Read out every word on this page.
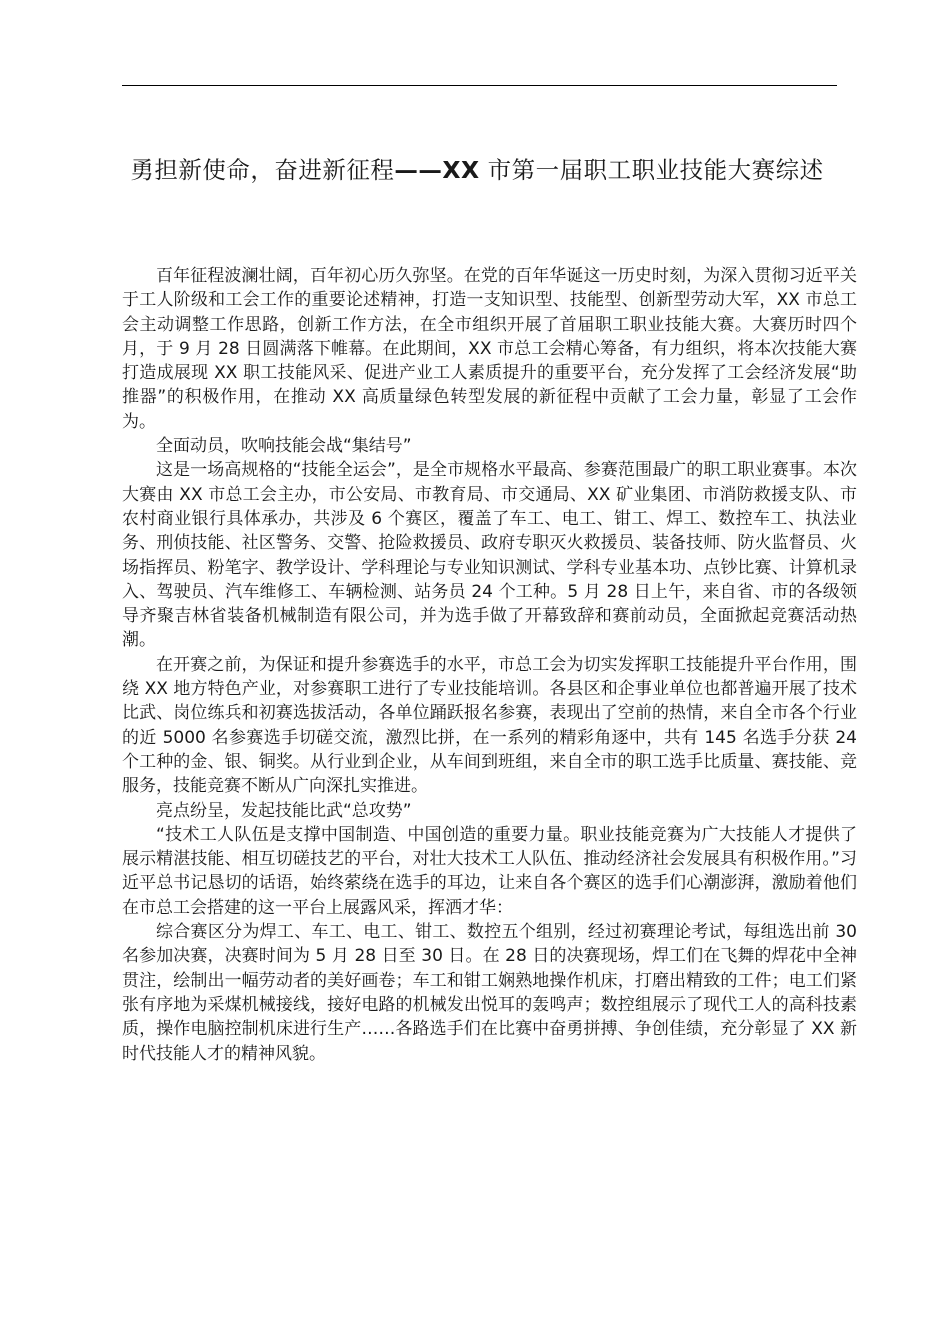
勇担新使命，奋进新征程——XX 市第一届职工职业技能大赛综述

百年征程波澜壮阔，百年初心历久弥坚。在党的百年华诞这一历史时刻，为深入贯彻习近平关于工人阶级和工会工作的重要论述精神，打造一支知识型、技能型、创新型劳动大军，XX 市总工会主动调整工作思路，创新工作方法，在全市组织开展了首届职工职业技能大赛。大赛历时四个月，于 9 月 28 日圆满落下帷幕。在此期间，XX 市总工会精心筹备，有力组织，将本次技能大赛打造成展现 XX 职工技能风采、促进产业工人素质提升的重要平台，充分发挥了工会经济发展“助推器”的积极作用，在推动 XX 高质量绿色转型发展的新征程中贡献了工会力量，彰显了工会作为。

全面动员，吹响技能会战“集结号”

这是一场高规格的“技能全运会”，是全市规格水平最高、参赛范围最广的职工职业赛事。本次大赛由 XX 市总工会主办，市公安局、市教育局、市交通局、XX 矿业集团、市消防救援支队、市农村商业银行具体承办，共涉及 6 个赛区，覆盖了车工、电工、钳工、焊工、数控车工、执法业务、刑侦技能、社区警务、交警、抢险救援员、政府专职灭火救援员、装备技师、防火监督员、火场指挥员、粉笔字、教学设计、学科理论与专业知识测试、学科专业基本功、点钞比赛、计算机录入、驾驶员、汽车维修工、车辆检测、站务员 24 个工种。5 月 28 日上午，来自省、市的各级领导齐聚吉林省装备机械制造有限公司，并为选手做了开幕致辞和赛前动员，全面掀起竞赛活动热潮。

在开赛之前，为保证和提升参赛选手的水平，市总工会为切实发挥职工技能提升平台作用，围绕 XX 地方特色产业，对参赛职工进行了专业技能培训。各县区和企事业单位也都普遍开展了技术比武、岗位练兵和初赛选拔活动，各单位踊跃报名参赛，表现出了空前的热情，来自全市各个行业的近 5000 名参赛选手切磋交流，激烈比拼，在一系列的精彩角逐中，共有 145 名选手分获 24 个工种的金、银、铜奖。从行业到企业，从车间到班组，来自全市的职工选手比质量、赛技能、竞服务，技能竞赛不断从广向深扎实推进。

亮点纷呈，发起技能比武“总攻势”

“技术工人队伍是支撑中国制造、中国创造的重要力量。职业技能竞赛为广大技能人才提供了展示精湛技能、相互切磋技艺的平台，对壮大技术工人队伍、推动经济社会发展具有积极作用。”习近平总书记恳切的话语，始终萦绕在选手的耳边，让来自各个赛区的选手们心潮澎湃，激励着他们在市总工会搭建的这一平台上展露风采，挥洒才华：

综合赛区分为焊工、车工、电工、钳工、数控五个组别，经过初赛理论考试，每组选出前 30 名参加决赛，决赛时间为 5 月 28 日至 30 日。在 28 日的决赛现场，焊工们在飞舞的焊花中全神贯注，绘制出一幅劳动者的美好画卷；车工和钳工娴熟地操作机床，打磨出精致的工件；电工们紧张有序地为采煤机械接线，接好电路的机械发出悦耳的轰鸣声；数控组展示了现代工人的高科技素质，操作电脑控制机床进行生产……各路选手们在比赛中奋勇拼搏、争创佳绩，充分彰显了 XX 新时代技能人才的精神风貌。
